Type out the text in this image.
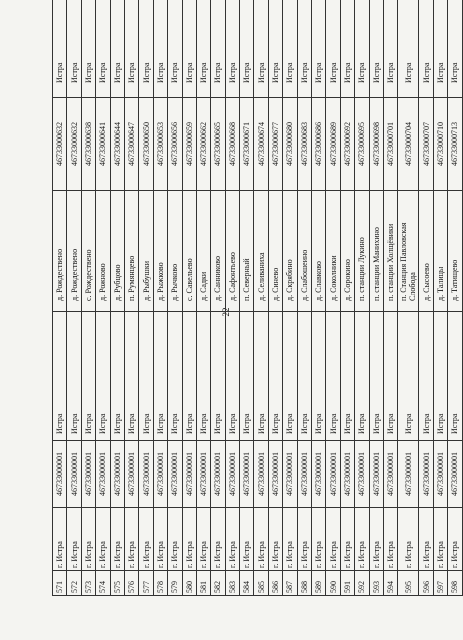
22
571	г. Истра	46733000001	Истра	д. Рождествено	46733000632	Истра
572	г. Истра	46733000001	Истра	д. Рождествено	46733000632	Истра
573	г. Истра	46733000001	Истра	с. Рождествено	46733000638	Истра
574	г. Истра	46733000001	Истра	д. Рожново	46733000641	Истра
575	г. Истра	46733000001	Истра	д. Рубцово	46733000644	Истра
576	г. Истра	46733000001	Истра	п. Румянцево	46733000647	Истра
577	г. Истра	46733000001	Истра	д. Рыбушки	46733000650	Истра
578	г. Истра	46733000001	Истра	д. Рыжково	46733000653	Истра
579	г. Истра	46733000001	Истра	д. Рычково	46733000656	Истра
580	г. Истра	46733000001	Истра	с. Савельево	46733000659	Истра
581	г. Истра	46733000001	Истра	д. Садки	46733000662	Истра
582	г. Истра	46733000001	Истра	д. Санниково	46733000665	Истра
583	г. Истра	46733000001	Истра	д. Сафонтьево	46733000668	Истра
584	г. Истра	46733000001	Истра	п. Северный	46733000671	Истра
585	г. Истра	46733000001	Истра	д. Селиваниха	46733000674	Истра
586	г. Истра	46733000001	Истра	д. Синево	46733000677	Истра
587	г. Истра	46733000001	Истра	д. Скрябино	46733000680	Истра
588	г. Истра	46733000001	Истра	д. Слабошеино	46733000683	Истра
589	г. Истра	46733000001	Истра	д. Славково	46733000686	Истра
590	г. Истра	46733000001	Истра	д. Соколники	46733000689	Истра
591	г. Истра	46733000001	Истра	д. Сорокино	46733000692	Истра
592	г. Истра	46733000001	Истра	п. станции Лукино	46733000695	Истра
593	г. Истра	46733000001	Истра	п. станции Манихино	46733000698	Истра
594	г. Истра	46733000001	Истра	п. станции Холщёвики	46733000701	Истра
595	г. Истра	46733000001	Истра	п. Станция Павловская Слобода	46733000704	Истра
596	г. Истра	46733000001	Истра	д. Сысоево	46733000707	Истра
597	г. Истра	46733000001	Истра	д. Талицы	46733000710	Истра
598	г. Истра	46733000001	Истра	д. Татищево	46733000713	Истра
